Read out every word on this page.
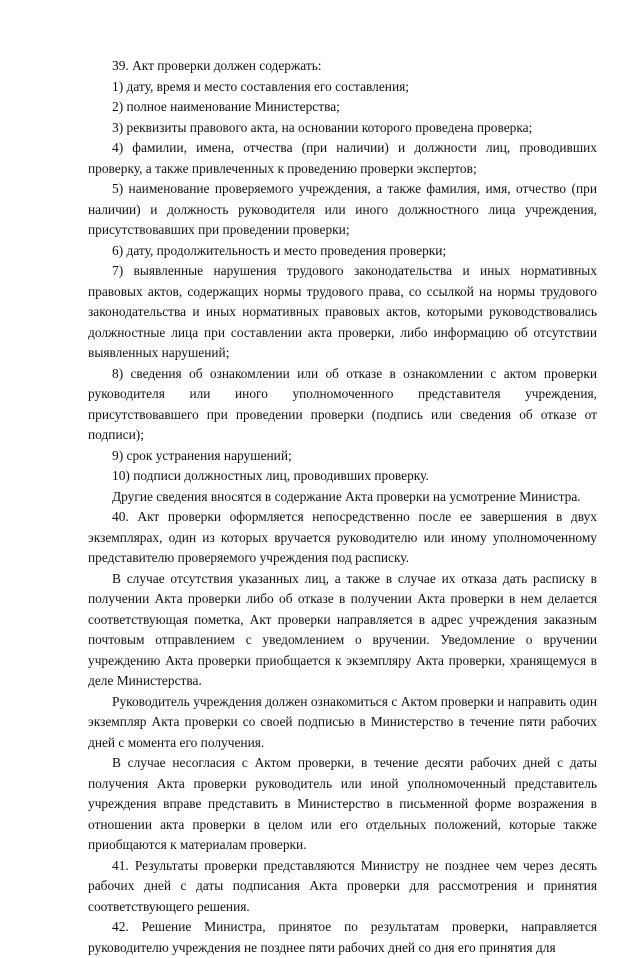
39. Акт проверки должен содержать:

1) дату, время и место составления его составления;

2) полное наименование Министерства;

3) реквизиты правового акта, на основании которого проведена проверка;

4) фамилии, имена, отчества (при наличии) и должности лиц, проводивших проверку, а также привлеченных к проведению проверки экспертов;

5) наименование проверяемого учреждения, а также фамилия, имя, отчество (при наличии) и должность руководителя или иного должностного лица учреждения, присутствовавших при проведении проверки;

6) дату, продолжительность и место проведения проверки;

7) выявленные нарушения трудового законодательства и иных нормативных правовых актов, содержащих нормы трудового права, со ссылкой на нормы трудового законодательства и иных нормативных правовых актов, которыми руководствовались должностные лица при составлении акта проверки, либо информацию об отсутствии выявленных нарушений;

8) сведения об ознакомлении или об отказе в ознакомлении с актом проверки руководителя или иного уполномоченного представителя учреждения, присутствовавшего при проведении проверки (подпись или сведения об отказе от подписи);

9) срок устранения нарушений;

10) подписи должностных лиц, проводивших проверку.

Другие сведения вносятся в содержание Акта проверки на усмотрение Министра.

40. Акт проверки оформляется непосредственно после ее завершения в двух экземплярах, один из которых вручается руководителю или иному уполномоченному представителю проверяемого учреждения под расписку.

В случае отсутствия указанных лиц, а также в случае их отказа дать расписку в получении Акта проверки либо об отказе в получении Акта проверки в нем делается соответствующая пометка, Акт проверки направляется в адрес учреждения заказным почтовым отправлением с уведомлением о вручении. Уведомление о вручении учреждению Акта проверки приобщается к экземпляру Акта проверки, хранящемуся в деле Министерства.

Руководитель учреждения должен ознакомиться с Актом проверки и направить один экземпляр Акта проверки со своей подписью в Министерство в течение пяти рабочих дней с момента его получения.

В случае несогласия с Актом проверки, в течение десяти рабочих дней с даты получения Акта проверки руководитель или иной уполномоченный представитель учреждения вправе представить в Министерство в письменной форме возражения в отношении акта проверки в целом или его отдельных положений, которые также приобщаются к материалам проверки.

41. Результаты проверки представляются Министру не позднее чем через десять рабочих дней с даты подписания Акта проверки для рассмотрения и принятия соответствующего решения.

42. Решение Министра, принятое по результатам проверки, направляется руководителю учреждения не позднее пяти рабочих дней со дня его принятия для
